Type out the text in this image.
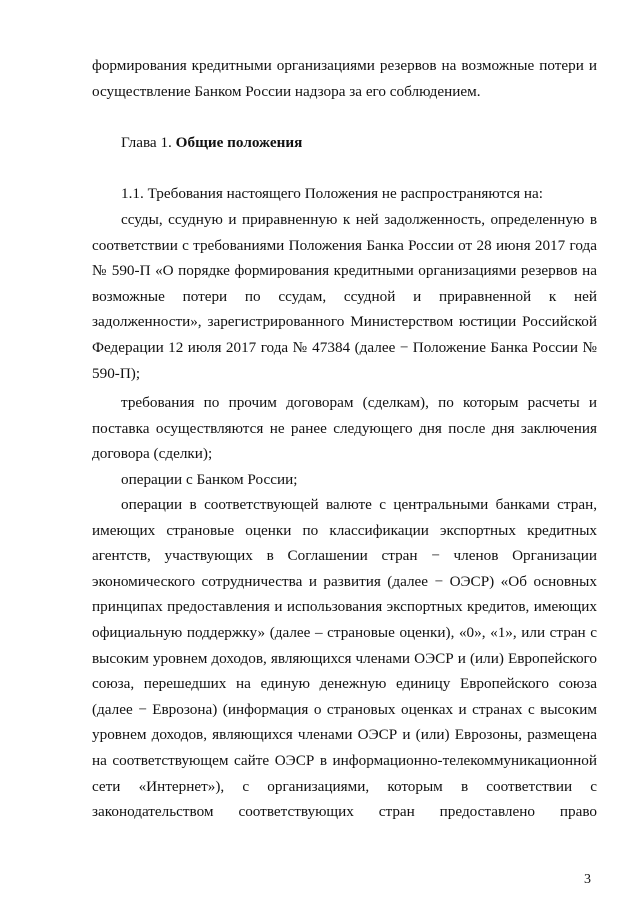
формирования кредитными организациями резервов на возможные потери и осуществление Банком России надзора за его соблюдением.

Глава 1. Общие положения

1.1. Требования настоящего Положения не распространяются на:

ссуды, ссудную и приравненную к ней задолженность, определенную в соответствии с требованиями Положения Банка России от 28 июня 2017 года № 590-П «О порядке формирования кредитными организациями резервов на возможные потери по ссудам, ссудной и приравненной к ней задолженности», зарегистрированного Министерством юстиции Российской Федерации 12 июля 2017 года № 47384 (далее − Положение Банка России № 590-П);

требования по прочим договорам (сделкам), по которым расчеты и поставка осуществляются не ранее следующего дня после дня заключения договора (сделки);

операции с Банком России;

операции в соответствующей валюте с центральными банками стран, имеющих страновые оценки по классификации экспортных кредитных агентств, участвующих в Соглашении стран − членов Организации экономического сотрудничества и развития (далее − ОЭСР) «Об основных принципах предоставления и использования экспортных кредитов, имеющих официальную поддержку» (далее – страновые оценки), «0», «1», или стран с высоким уровнем доходов, являющихся членами ОЭСР и (или) Европейского союза, перешедших на единую денежную единицу Европейского союза (далее − Еврозона) (информация о страновых оценках и странах с высоким уровнем доходов, являющихся членами ОЭСР и (или) Еврозоны, размещена на соответствующем сайте ОЭСР в информационно-телекоммуникационной сети «Интернет»), с организациями, которым в соответствии с законодательством соответствующих стран предоставлено право

3
